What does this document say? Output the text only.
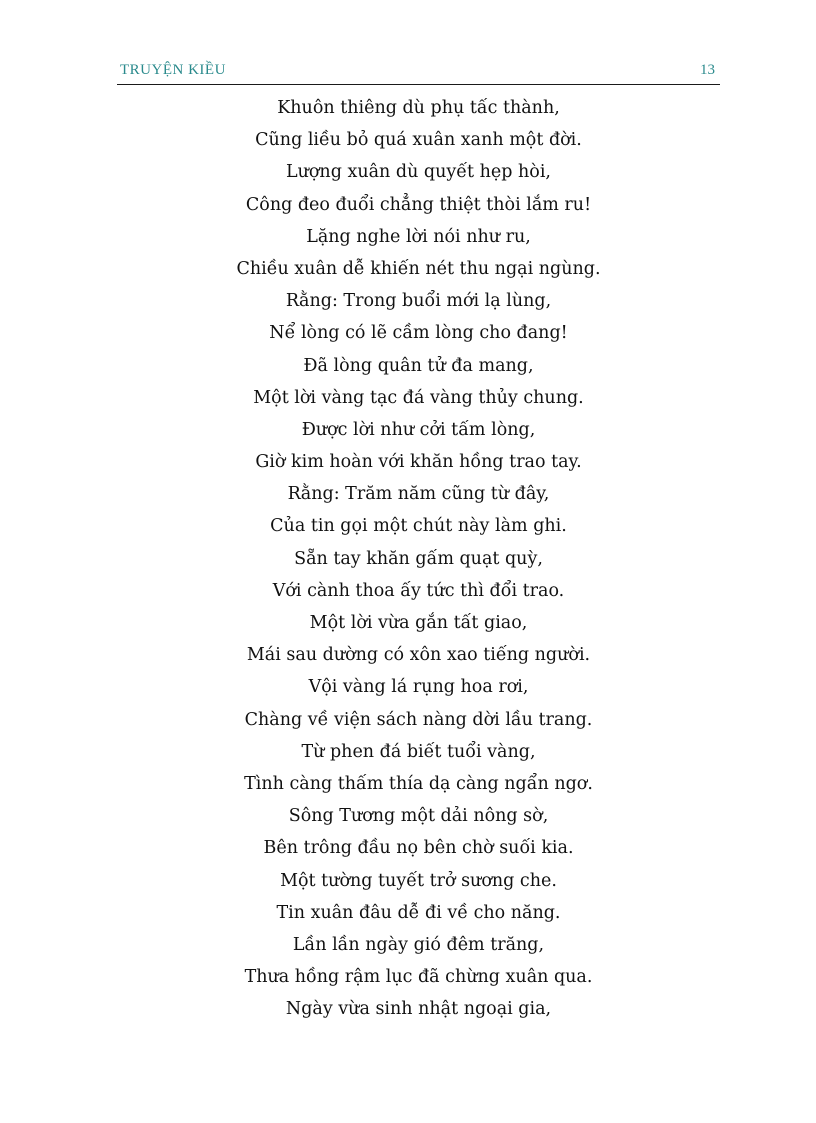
TRUYỆN KIỀU	13
Khuôn thiêng dù phụ tấc thành,
Cũng liều bỏ quá xuân xanh một đời.
Lượng xuân dù quyết hẹp hòi,
Công đeo đuổi chẳng thiệt thòi lắm ru!
Lặng nghe lời nói như ru,
Chiều xuân dễ khiến nét thu ngại ngùng.
Rằng: Trong buổi mới lạ lùng,
Nể lòng có lẽ cầm lòng cho đang!
Đã lòng quân tử đa mang,
Một lời vàng tạc đá vàng thủy chung.
Được lời như cởi tấm lòng,
Giờ kim hoàn với khăn hồng trao tay.
Rằng: Trăm năm cũng từ đây,
Của tin gọi một chút này làm ghi.
Sẵn tay khăn gấm quạt quỳ,
Với cành thoa ấy tức thì đổi trao.
Một lời vừa gắn tất giao,
Mái sau dường có xôn xao tiếng người.
Vội vàng lá rụng hoa rơi,
Chàng về viện sách nàng dời lầu trang.
Từ phen đá biết tuổi vàng,
Tình càng thấm thía dạ càng ngẩn ngơ.
Sông Tương một dải nông sờ,
Bên trông đầu nọ bên chờ suối kia.
Một tường tuyết trở sương che.
Tin xuân đâu dễ đi về cho năng.
Lần lần ngày gió đêm trăng,
Thưa hồng rậm lục đã chừng xuân qua.
Ngày vừa sinh nhật ngoại gia,
